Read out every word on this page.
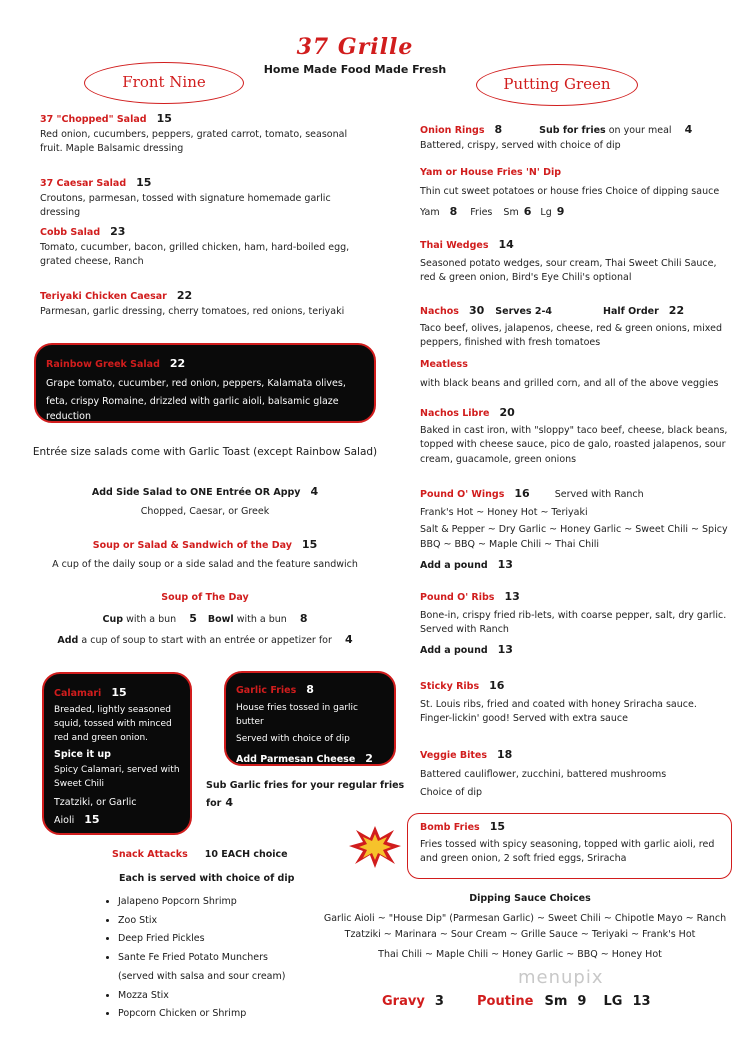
37 Grille
Home Made Food Made Fresh
Front Nine	Putting Green
37 "Chopped" Salad 15
Red onion, cucumbers, peppers, grated carrot, tomato, seasonal fruit. Maple Balsamic dressing
37 Caesar Salad 15
Croutons, parmesan, tossed with signature homemade garlic dressing
Cobb Salad 23
Tomato, cucumber, bacon, grilled chicken, ham, hard-boiled egg, grated cheese, Ranch
Teriyaki Chicken Caesar 22
Parmesan, garlic dressing, cherry tomatoes, red onions, teriyaki
Rainbow Greek Salad 22
Grape tomato, cucumber, red onion, peppers, Kalamata olives,
feta, crispy Romaine, drizzled with garlic aioli, balsamic glaze reduction
Entrée size salads come with Garlic Toast (except Rainbow Salad)
Add Side Salad to ONE Entrée OR Appy 4
Chopped, Caesar, or Greek
Soup or Salad & Sandwich of the Day 15
A cup of the daily soup or a side salad and the feature sandwich
Soup of The Day
Cup with a bun 5 Bowl with a bun 8
Add a cup of soup to start with an entrée or appetizer for 4
Calamari 15
Breaded, lightly seasoned squid, tossed with minced red and green onion.
Spice it up
Spicy Calamari, served with Sweet Chili
Tzatziki, or Garlic Aioli 15
Garlic Fries 8
House fries tossed in garlic butter
Served with choice of dip
Add Parmesan Cheese 2
Sub Garlic fries for your regular fries for 4
Snack Attacks 10 EACH choice
Each is served with choice of dip
• Jalapeno Popcorn Shrimp
• Zoo Stix
• Deep Fried Pickles
• Sante Fe Fried Potato Munchers
(served with salsa and sour cream)
• Mozza Stix
• Popcorn Chicken or Shrimp
Onion Rings 8	Sub for fries on your meal 4
Battered, crispy, served with choice of dip
Yam or House Fries 'N' Dip
Thin cut sweet potatoes or house fries Choice of dipping sauce
Yam 8 Fries Sm 6 Lg 9
Thai Wedges 14
Seasoned potato wedges, sour cream, Thai Sweet Chili Sauce, red & green onion, Bird's Eye Chili's optional
Nachos 30 Serves 2-4	Half Order 22
Taco beef, olives, jalapenos, cheese, red & green onions, mixed peppers, finished with fresh tomatoes
Meatless
with black beans and grilled corn, and all of the above veggies
Nachos Libre 20
Baked in cast iron, with "sloppy" taco beef, cheese, black beans, topped with cheese sauce, pico de galo, roasted jalapenos, sour cream, guacamole, green onions
Pound O' Wings 16	Served with Ranch
Frank's Hot ~ Honey Hot ~ Teriyaki
Salt & Pepper ~ Dry Garlic ~ Honey Garlic ~ Sweet Chili ~ Spicy BBQ ~ BBQ ~ Maple Chili ~ Thai Chili
Add a pound 13
Pound O' Ribs 13
Bone-in, crispy fried rib-lets, with coarse pepper, salt, dry garlic. Served with Ranch
Add a pound 13
Sticky Ribs 16
St. Louis ribs, fried and coated with honey Sriracha sauce. Finger-lickin' good! Served with extra sauce
Veggie Bites 18
Battered cauliflower, zucchini, battered mushrooms
Choice of dip
Bomb Fries 15
Fries tossed with spicy seasoning, topped with garlic aioli, red and green onion, 2 soft fried eggs, Sriracha
Dipping Sauce Choices
Garlic Aioli ~ "House Dip" (Parmesan Garlic) ~ Sweet Chili ~ Chipotle Mayo ~ Ranch
Tzatziki ~ Marinara ~ Sour Cream ~ Grille Sauce ~ Teriyaki ~ Frank's Hot
Thai Chili ~ Maple Chili ~ Honey Garlic ~ BBQ ~ Honey Hot
menupix
Gravy 3	Poutine Sm 9 LG 13
